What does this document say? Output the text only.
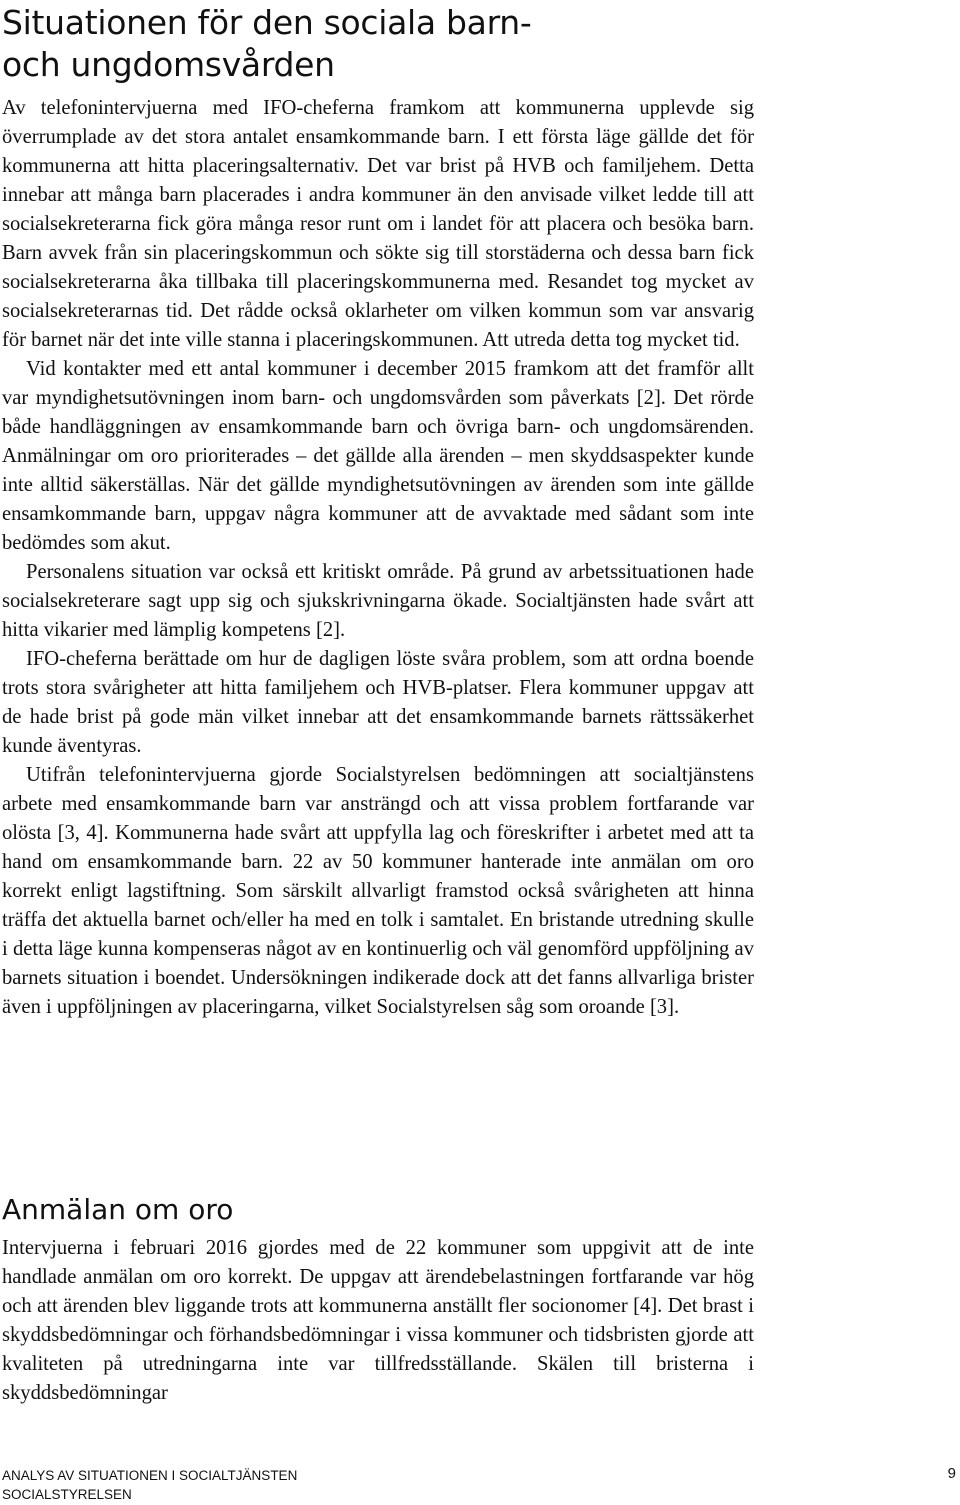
Situationen för den sociala barn-
och ungdomsvården

Av telefonintervjuerna med IFO-cheferna framkom att kommunerna upplevde sig överrumplade av det stora antalet ensamkommande barn. I ett första läge gällde det för kommunerna att hitta placeringsalternativ. Det var brist på HVB och familjehem. Detta innebar att många barn placerades i andra kommuner än den anvisade vilket ledde till att socialsekreterarna fick göra många resor runt om i landet för att placera och besöka barn. Barn avvek från sin placeringskommun och sökte sig till storstäderna och dessa barn fick socialsekreterarna åka tillbaka till placeringskommunerna med. Resandet tog mycket av socialsekreterarnas tid. Det rådde också oklarheter om vilken kommun som var ansvarig för barnet när det inte ville stanna i placeringskommunen. Att utreda detta tog mycket tid.

Vid kontakter med ett antal kommuner i december 2015 framkom att det framför allt var myndighetsutövningen inom barn- och ungdomsvården som påverkats [2]. Det rörde både handläggningen av ensamkommande barn och övriga barn- och ungdomsärenden. Anmälningar om oro prioriterades – det gällde alla ärenden – men skyddsaspekter kunde inte alltid säkerställas. När det gällde myndighetsutövningen av ärenden som inte gällde ensamkommande barn, uppgav några kommuner att de avvaktade med sådant som inte bedömdes som akut.

Personalens situation var också ett kritiskt område. På grund av arbetssituationen hade socialsekreterare sagt upp sig och sjukskrivningarna ökade. Socialtjänsten hade svårt att hitta vikarier med lämplig kompetens [2].

IFO-cheferna berättade om hur de dagligen löste svåra problem, som att ordna boende trots stora svårigheter att hitta familjehem och HVB-platser. Flera kommuner uppgav att de hade brist på gode män vilket innebar att det ensamkommande barnets rättssäkerhet kunde äventyras.

Utifrån telefonintervjuerna gjorde Socialstyrelsen bedömningen att socialtjänstens arbete med ensamkommande barn var ansträngd och att vissa problem fortfarande var olösta [3, 4]. Kommunerna hade svårt att uppfylla lag och föreskrifter i arbetet med att ta hand om ensamkommande barn. 22 av 50 kommuner hanterade inte anmälan om oro korrekt enligt lagstiftning. Som särskilt allvarligt framstod också svårigheten att hinna träffa det aktuella barnet och/eller ha med en tolk i samtalet. En bristande utredning skulle i detta läge kunna kompenseras något av en kontinuerlig och väl genomförd uppföljning av barnets situation i boendet. Undersökningen indikerade dock att det fanns allvarliga brister även i uppföljningen av placeringarna, vilket Socialstyrelsen såg som oroande [3].

Anmälan om oro

Intervjuerna i februari 2016 gjordes med de 22 kommuner som uppgivit att de inte handlade anmälan om oro korrekt. De uppgav att ärendebelastningen fortfarande var hög och att ärenden blev liggande trots att kommunerna anställt fler socionomer [4]. Det brast i skyddsbedömningar och förhandsbedömningar i vissa kommuner och tidsbristen gjorde att kvaliteten på utredningarna inte var tillfredsställande. Skälen till bristerna i skyddsbedömningar

ANALYS AV SITUATIONEN I SOCIALTJÄNSTEN
SOCIALSTYRELSEN
9
